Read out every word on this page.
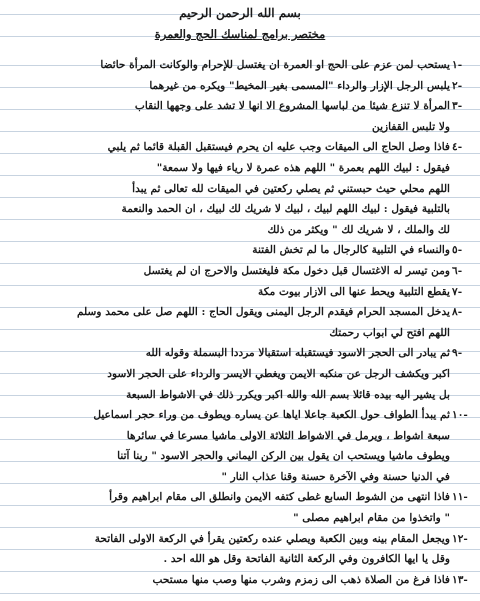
بسم الله الرحمن الرحيم
مختصر برامج لمناسك الحج والعمرة
١-
يستحب لمن عزم على الحج او العمرة ان يغتسل للإحرام والوكانت المرأة حائضا
٢-
يلبس الرجل الإزار والرداء "المسمى بغير المخيط" ويكره من غيرهما
٣-
المرأة لا تنزع شيئا من لباسها المشروع الا انها لا تشد على وجهها النقاب
ولا تلبس القفازين
٤-
فاذا وصل الحاج الى الميقات وجب عليه ان يحرم فيستقبل القبلة قائما ثم يلبي
فيقول : لبيك اللهم بعمرة " اللهم هذه عمرة لا رياء فيها ولا سمعة"
اللهم محلي حيث حبستني ثم يصلي ركعتين في الميقات لله تعالى ثم يبدأ
بالتلبية فيقول : لبيك اللهم لبيك ، لبيك لا شريك لك لبيك ، ان الحمد والنعمة
لك والملك ، لا شريك لك " ويكثر من ذلك
٥-
والنساء في التلبية كالرجال ما لم تخش الفتنة
٦-
ومن تيسر له الاغتسال قبل دخول مكة فليغتسل والاحرج ان لم يغتسل
٧-
يقطع التلبية ويحط عنها الى الازار بيوت مكة
٨-
يدخل المسجد الحرام فيقدم الرجل اليمنى ويقول الحاج : اللهم صل على محمد وسلم
اللهم افتح لي ابواب رحمتك
٩-
ثم يبادر الى الحجر الاسود فيستقبله استقبالا مرددا البسملة وقوله الله
اكبر ويكشف الرجل عن منكبه الايمن ويغطي الايسر والرداء على الحجر الاسود
بل يشير اليه بيده قائلا بسم الله والله اكبر ويكرر ذلك في الاشواط السبعة
١٠-
ثم يبدأ الطواف حول الكعبة جاعلا اياها عن يساره ويطوف من وراء حجر اسماعيل
سبعة اشواط ، ويرمل في الاشواط الثلاثة الاولى ماشيا مسرعا في سائرها
ويطوف ماشيا ويستحب ان يقول بين الركن اليماني والحجر الاسود " ربنا آتنا
في الدنيا حسنة وفي الآخرة حسنة وقنا عذاب النار "
١١-
فاذا انتهى من الشوط السابع غطى كتفه الايمن وانطلق الى مقام ابراهيم وقرأ
" واتخذوا من مقام ابراهيم مصلى "
١٢-
ويجعل المقام بينه وبين الكعبة ويصلي عنده ركعتين يقرأ في الركعة الاولى الفاتحة
وقل يا ايها الكافرون وفي الركعة الثانية الفاتحة وقل هو الله احد .
١٣-
فاذا فرغ من الصلاة ذهب الى زمزم وشرب منها وصب منها مستحب
